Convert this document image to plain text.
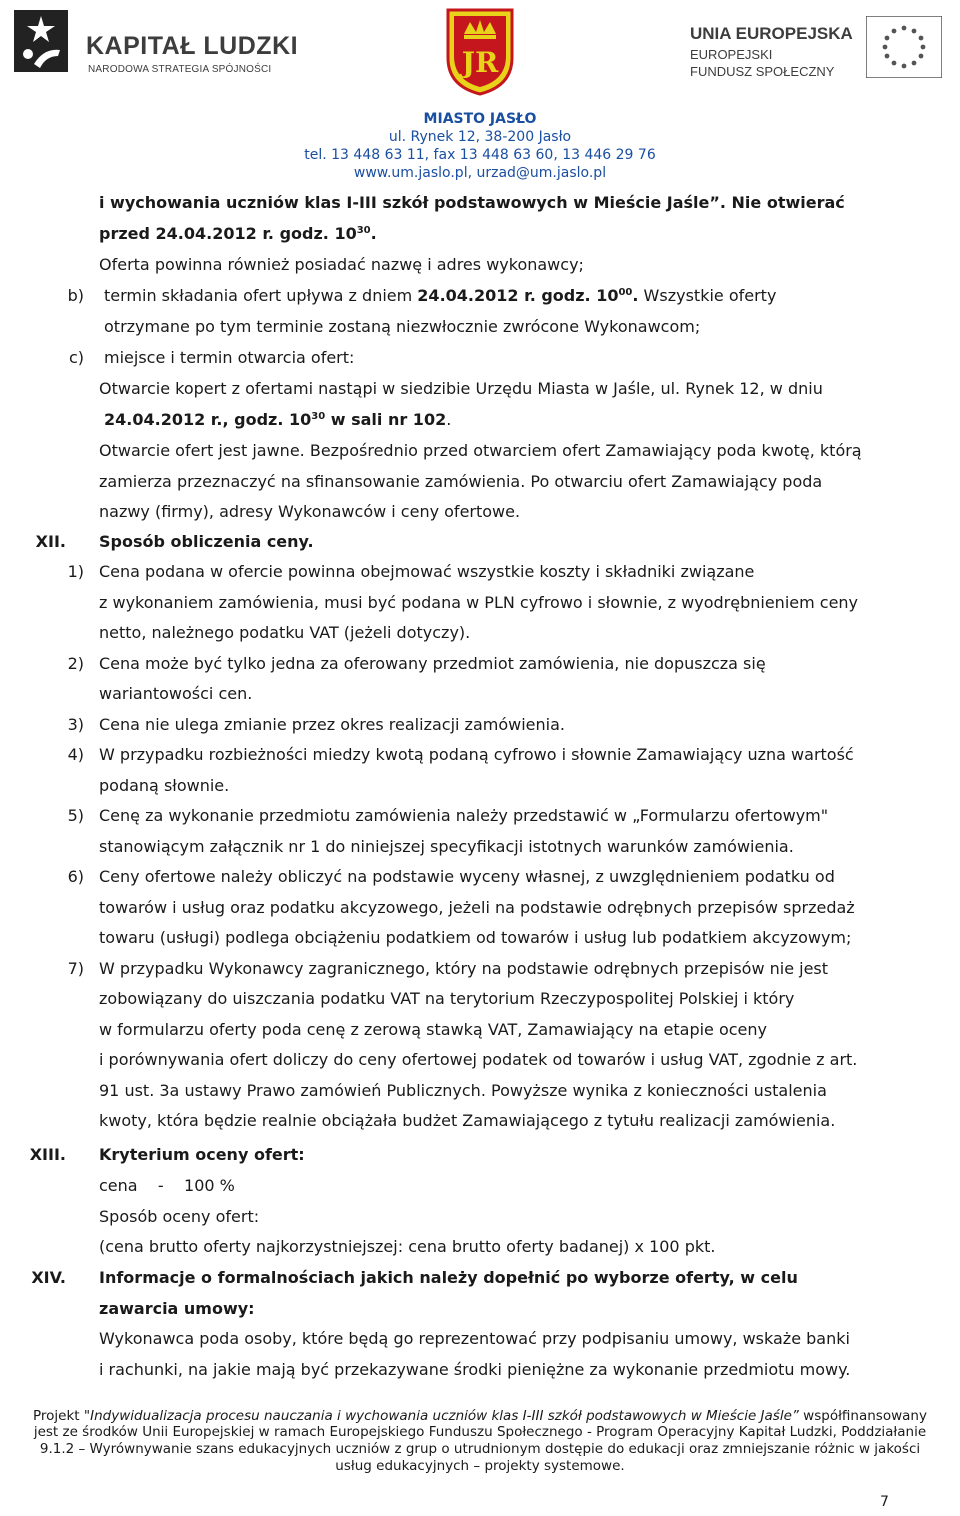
KAPITAŁ LUDZKI
NARODOWA STRATEGIA SPÓJNOŚCI	JR
UNIA EUROPEJSKA
EUROPEJSKI
FUNDUSZ SPOŁECZNY
MIASTO JASŁO
ul. Rynek 12, 38-200 Jasło
tel. 13 448 63 11, fax 13 448 63 60, 13 446 29 76
www.um.jaslo.pl, urzad@um.jaslo.pl
i wychowania uczniów klas I-III szkół podstawowych w Mieście Jaśle”. Nie otwierać
przed 24.04.2012 r. godz. $10^{30}$.
Oferta powinna również posiadać nazwę i adres wykonawcy;
b) termin składania ofert upływa z dniem 24.04.2012 r. godz. $10^{00}$. Wszystkie oferty
otrzymane po tym terminie zostaną niezwłocznie zwrócone Wykonawcom;
c) miejsce i termin otwarcia ofert:
Otwarcie kopert z ofertami nastąpi w siedzibie Urzędu Miasta w Jaśle, ul. Rynek 12, w dniu
24.04.2012 r., godz. $10^{30}$ w sali nr 102.
Otwarcie ofert jest jawne. Bezpośrednio przed otwarciem ofert Zamawiający poda kwotę, którą
zamierza przeznaczyć na sfinansowanie zamówienia. Po otwarciu ofert Zamawiający poda
nazwy (firmy), adresy Wykonawców i ceny ofertowe.
XII. Sposób obliczenia ceny.
1) Cena podana w ofercie powinna obejmować wszystkie koszty i składniki związane
z wykonaniem zamówienia, musi być podana w PLN cyfrowo i słownie, z wyodrębnieniem ceny
netto, należnego podatku VAT (jeżeli dotyczy).
2) Cena może być tylko jedna za oferowany przedmiot zamówienia, nie dopuszcza się
wariantowości cen.
3) Cena nie ulega zmianie przez okres realizacji zamówienia.
4) W przypadku rozbieżności miedzy kwotą podaną cyfrowo i słownie Zamawiający uzna wartość
podaną słownie.
5) Cenę za wykonanie przedmiotu zamówienia należy przedstawić w „Formularzu ofertowym"
stanowiącym załącznik nr 1 do niniejszej specyfikacji istotnych warunków zamówienia.
6) Ceny ofertowe należy obliczyć na podstawie wyceny własnej, z uwzględnieniem podatku od
towarów i usług oraz podatku akcyzowego, jeżeli na podstawie odrębnych przepisów sprzedaż
towaru (usługi) podlega obciążeniu podatkiem od towarów i usług lub podatkiem akcyzowym;
7) W przypadku Wykonawcy zagranicznego, który na podstawie odrębnych przepisów nie jest
zobowiązany do uiszczania podatku VAT na terytorium Rzeczypospolitej Polskiej i który
w formularzu oferty poda cenę z zerową stawką VAT, Zamawiający na etapie oceny
i porównywania ofert doliczy do ceny ofertowej podatek od towarów i usług VAT, zgodnie z art.
91 ust. 3a ustawy Prawo zamówień Publicznych. Powyższe wynika z konieczności ustalenia
kwoty, która będzie realnie obciążała budżet Zamawiającego z tytułu realizacji zamówienia.
XIII. Kryterium oceny ofert:
cena    -    100 %
Sposób oceny ofert:
(cena brutto oferty najkorzystniejszej: cena brutto oferty badanej) x 100 pkt.
XIV. Informacje o formalnościach jakich należy dopełnić po wyborze oferty, w celu
zawarcia umowy:
Wykonawca poda osoby, które będą go reprezentować przy podpisaniu umowy, wskaże banki
i rachunki, na jakie mają być przekazywane środki pieniężne za wykonanie przedmiotu mowy.
Projekt "Indywidualizacja procesu nauczania i wychowania uczniów klas I-III szkół podstawowych w Mieście Jaśle” współfinansowany
jest ze środków Unii Europejskiej w ramach Europejskiego Funduszu Społecznego - Program Operacyjny Kapitał Ludzki, Poddziałanie
9.1.2 – Wyrównywanie szans edukacyjnych uczniów z grup o utrudnionym dostępie do edukacji oraz zmniejszanie różnic w jakości
usług edukacyjnych – projekty systemowe.
7
